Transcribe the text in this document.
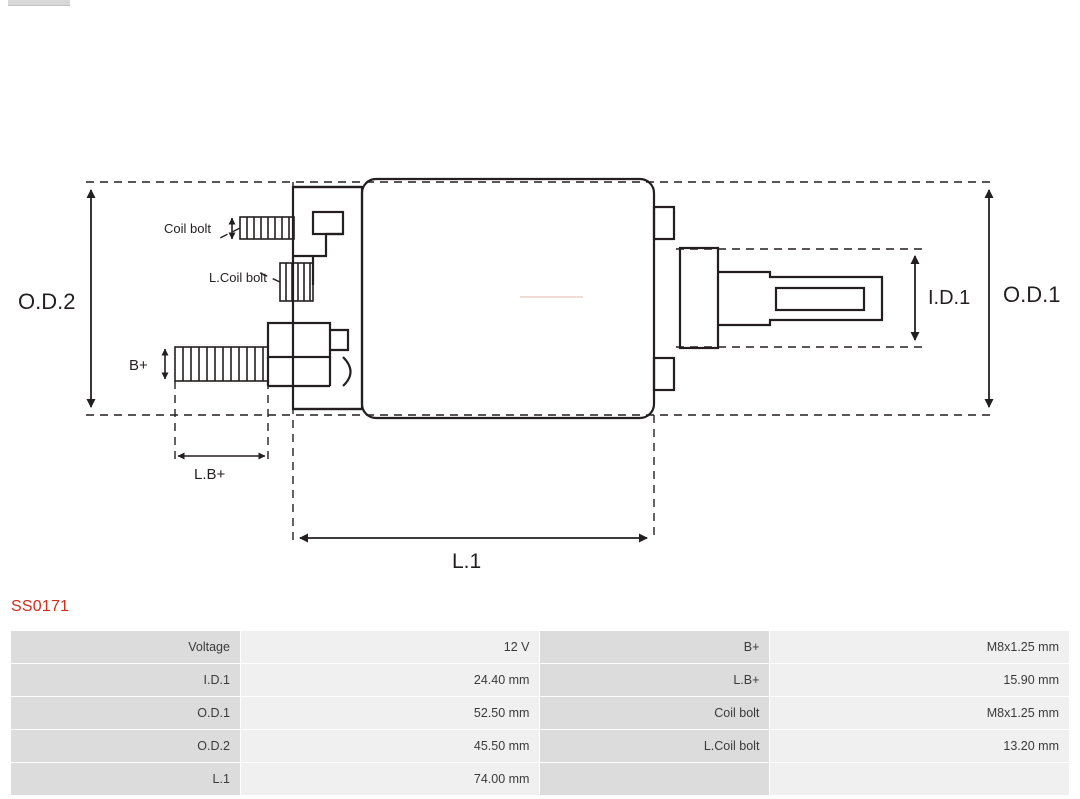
O.D.2	O.D.1
I.D.1
L.1
L.B+
Coil bolt
L.Coil bolt
B+
SS0171
Voltage	12 V	B+	M8x1.25 mm
I.D.1	24.40 mm	L.B+	15.90 mm
O.D.1	52.50 mm	Coil bolt	M8x1.25 mm
O.D.2	45.50 mm	L.Coil bolt	13.20 mm
L.1	74.00 mm		
